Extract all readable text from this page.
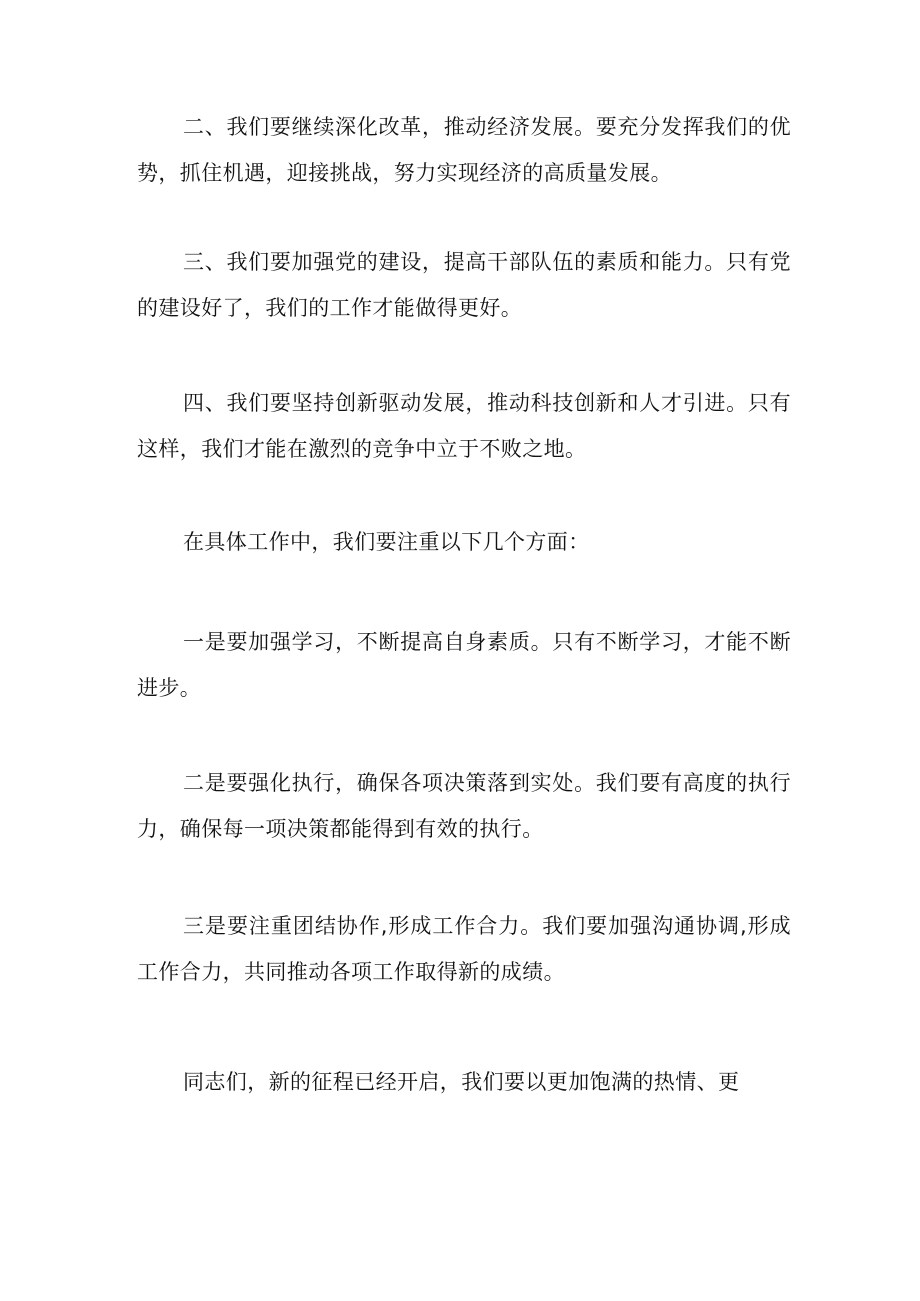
二、我们要继续深化改革，推动经济发展。要充分发挥我们的优势，抓住机遇，迎接挑战，努力实现经济的高质量发展。

三、我们要加强党的建设，提高干部队伍的素质和能力。只有党的建设好了，我们的工作才能做得更好。

四、我们要坚持创新驱动发展，推动科技创新和人才引进。只有这样，我们才能在激烈的竞争中立于不败之地。

在具体工作中，我们要注重以下几个方面：

一是要加强学习，不断提高自身素质。只有不断学习，才能不断进步。

二是要强化执行，确保各项决策落到实处。我们要有高度的执行力，确保每一项决策都能得到有效的执行。

三是要注重团结协作,形成工作合力。我们要加强沟通协调,形成工作合力，共同推动各项工作取得新的成绩。

同志们，新的征程已经开启，我们要以更加饱满的热情、更
